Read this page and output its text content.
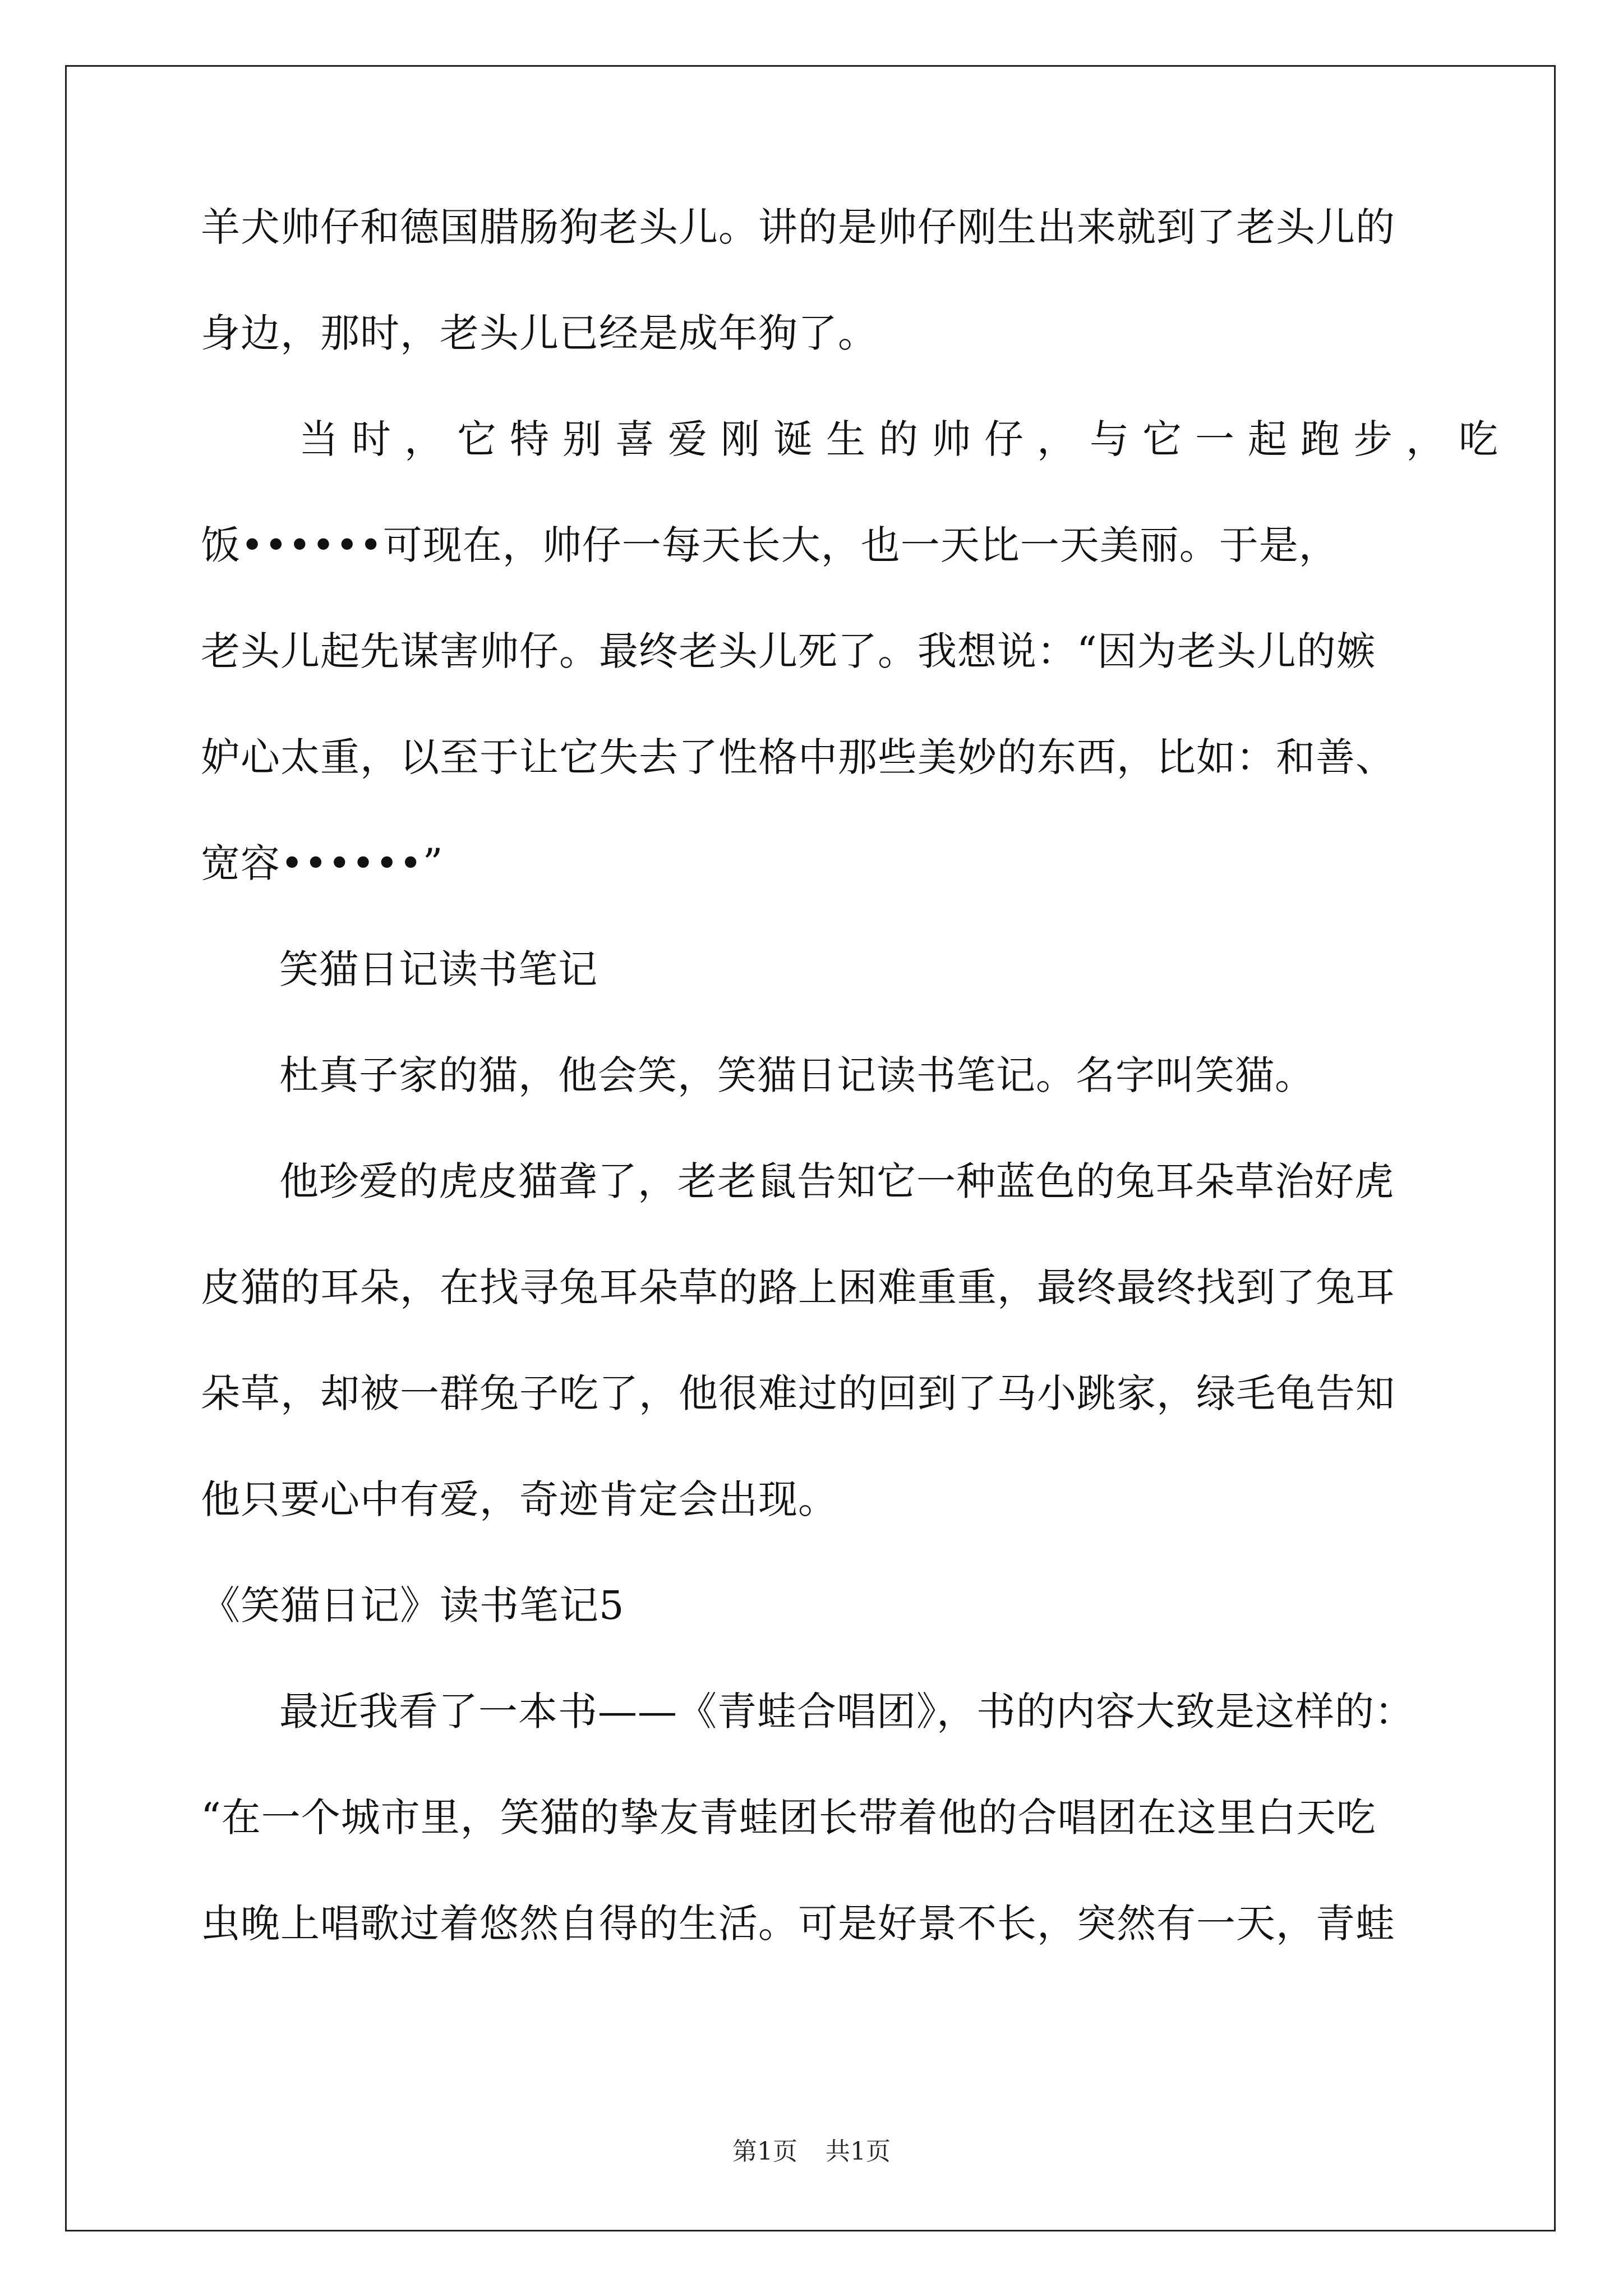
羊犬帅仔和德国腊肠狗老头儿。讲的是帅仔刚生出来就到了老头儿的
身边，那时，老头儿已经是成年狗了。
当时，它特别喜爱刚诞生的帅仔，与它一起跑步，吃
饭••••••可现在，帅仔一每天长大，也一天比一天美丽。于是，
老头儿起先谋害帅仔。最终老头儿死了。我想说：“因为老头儿的嫉
妒心太重，以至于让它失去了性格中那些美妙的东西，比如：和善、
宽容••••••”
笑猫日记读书笔记
杜真子家的猫，他会笑，笑猫日记读书笔记。名字叫笑猫。
他珍爱的虎皮猫聋了，老老鼠告知它一种蓝色的兔耳朵草治好虎
皮猫的耳朵，在找寻兔耳朵草的路上困难重重，最终最终找到了兔耳
朵草，却被一群兔子吃了，他很难过的回到了马小跳家，绿毛龟告知
他只要心中有爱，奇迹肯定会出现。
《笑猫日记》读书笔记5
最近我看了一本书——《青蛙合唱团》，书的内容大致是这样的：
“在一个城市里，笑猫的挚友青蛙团长带着他的合唱团在这里白天吃
虫晚上唱歌过着悠然自得的生活。可是好景不长，突然有一天，青蛙
第1页 共1页
